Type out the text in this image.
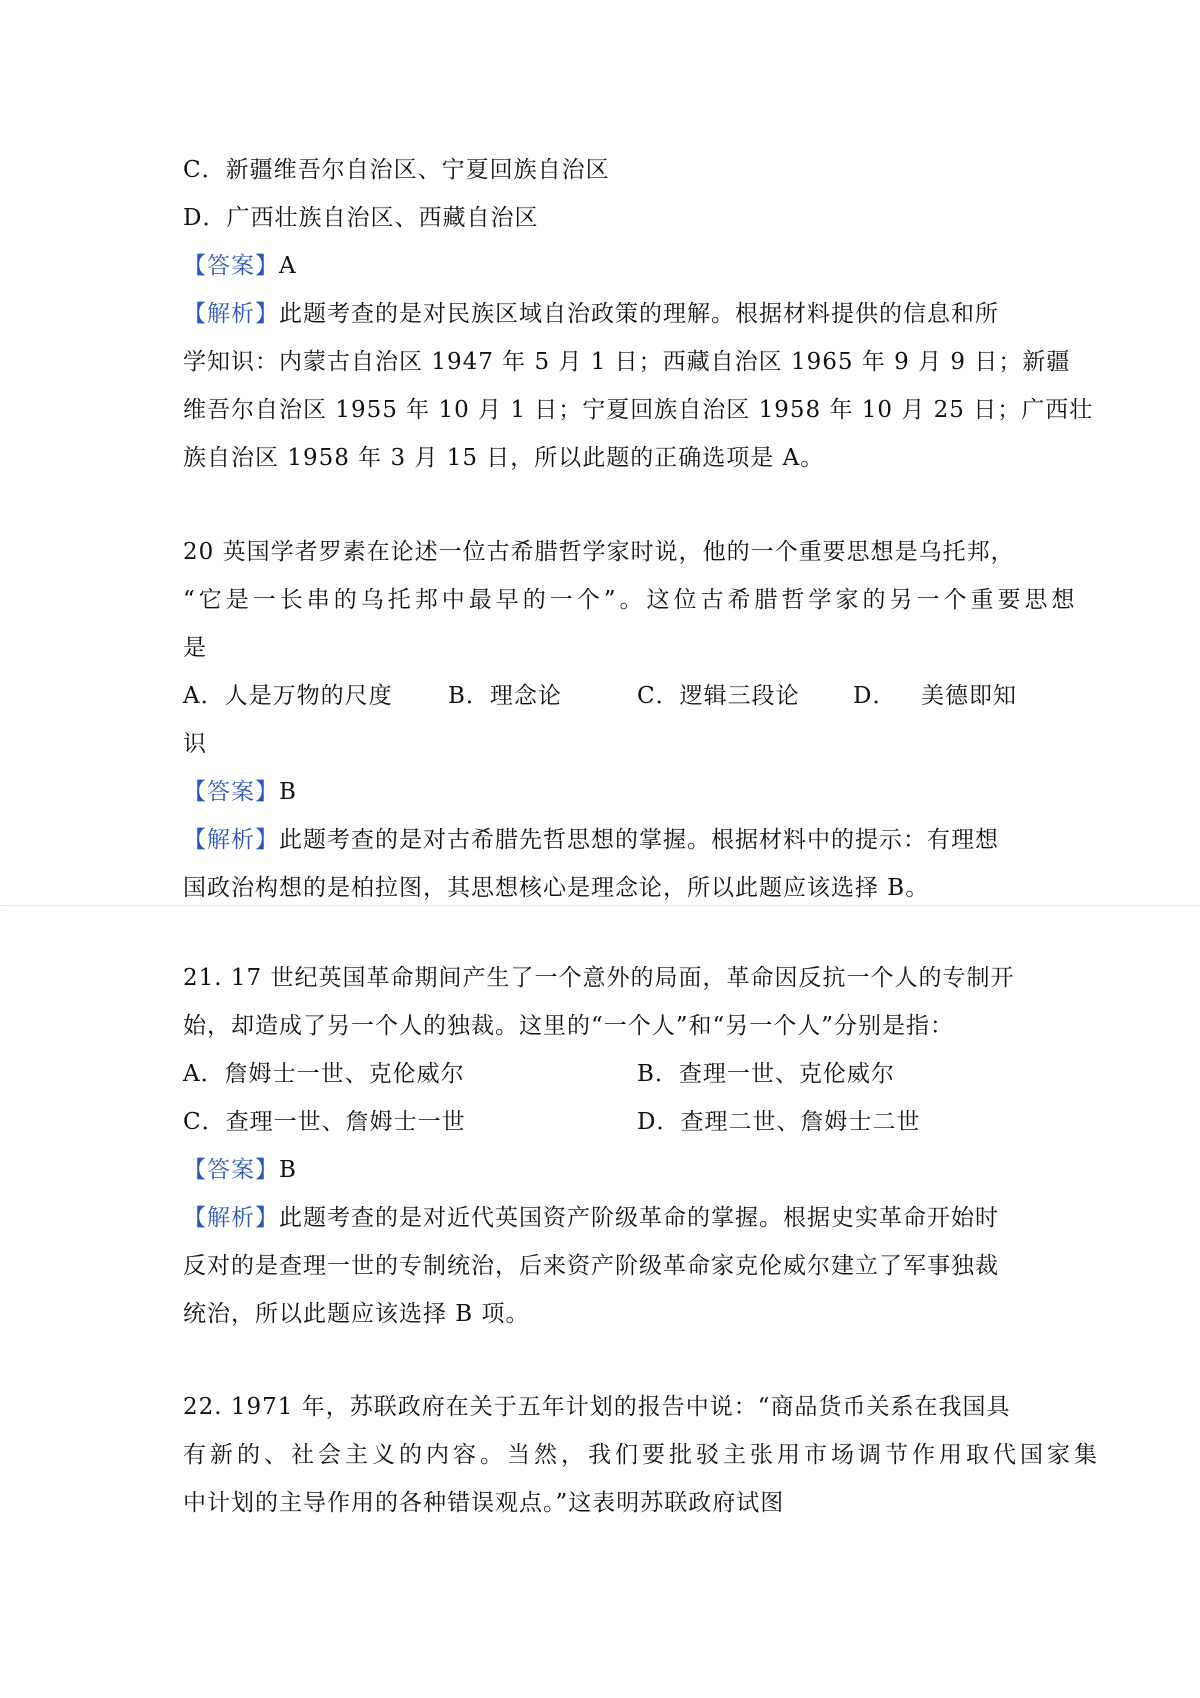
C．新疆维吾尔自治区、宁夏回族自治区
D．广西壮族自治区、西藏自治区
【答案】A
【解析】此题考查的是对民族区域自治政策的理解。根据材料提供的信息和所
学知识：内蒙古自治区 1947 年 5 月 1 日；西藏自治区 1965 年 9 月 9 日；新疆
维吾尔自治区 1955 年 10 月 1 日；宁夏回族自治区 1958 年 10 月 25 日；广西壮
族自治区 1958 年 3 月 15 日，所以此题的正确选项是 A。
20 英国学者罗素在论述一位古希腊哲学家时说，他的一个重要思想是乌托邦，
“它是一长串的乌托邦中最早的一个”。这位古希腊哲学家的另一个重要思想
是
A．人是万物的尺度 B．理念论	C．逻辑三段论 D． 美德即知
识
【答案】B
【解析】此题考查的是对古希腊先哲思想的掌握。根据材料中的提示：有理想
国政治构想的是柏拉图，其思想核心是理念论，所以此题应该选择 B。
21. 17 世纪英国革命期间产生了一个意外的局面，革命因反抗一个人的专制开
始，却造成了另一个人的独裁。这里的“一个人”和“另一个人”分别是指：
A．詹姆士一世、克伦威尔	B．查理一世、克伦威尔
C．查理一世、詹姆士一世	D．查理二世、詹姆士二世
【答案】B
【解析】此题考查的是对近代英国资产阶级革命的掌握。根据史实革命开始时
反对的是查理一世的专制统治，后来资产阶级革命家克伦威尔建立了军事独裁
统治，所以此题应该选择 B 项。
22. 1971 年，苏联政府在关于五年计划的报告中说：“商品货币关系在我国具
有新的、社会主义的内容。当然，我们要批驳主张用市场调节作用取代国家集
中计划的主导作用的各种错误观点。”这表明苏联政府试图
